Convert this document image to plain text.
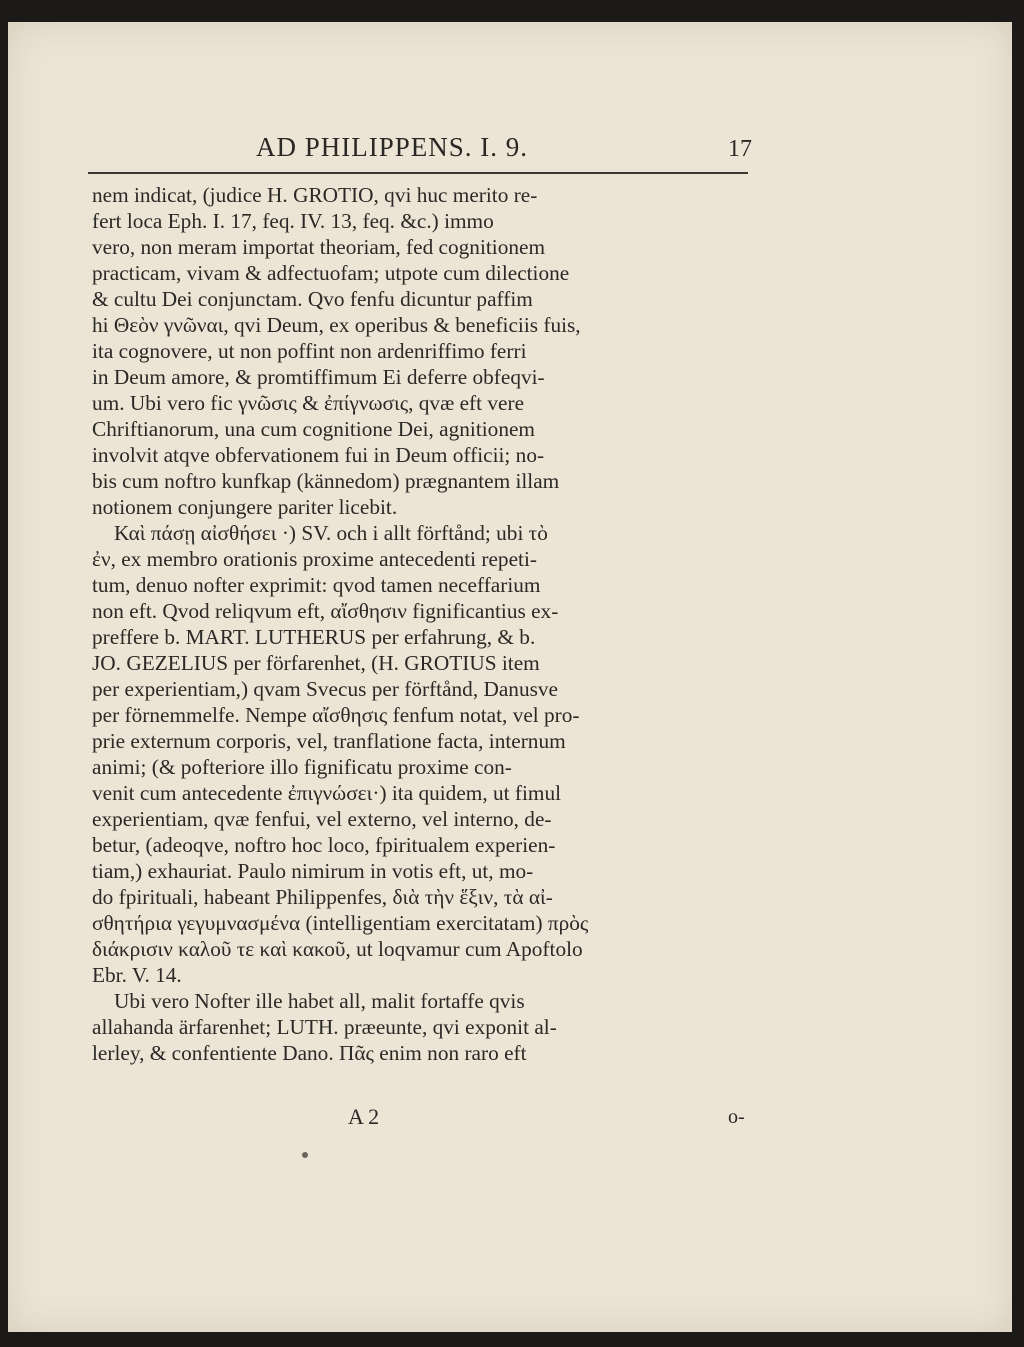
AD PHILIPPENS. I. 9.	17
nem indicat, (judice H. GROTIO, qvi huc merito re-
fert loca Eph. I. 17, feq. IV. 13, feq. &c.) immo
vero, non meram importat theoriam, fed cognitionem
practicam, vivam & adfectuofam; utpote cum dilectione
& cultu Dei conjunctam. Qvo fenfu dicuntur paffim
hi Θεὸν γνῶναι, qvi Deum, ex operibus & beneficiis fuis,
ita cognovere, ut non poffint non ardenriffimo ferri
in Deum amore, & promtiffimum Ei deferre obfeqvi-
um. Ubi vero fic γνῶσις & ἐπίγνωσις, qvæ eft vere
Chriftianorum, una cum cognitione Dei, agnitionem
involvit atqve obfervationem fui in Deum officii; no-
bis cum noftro kunfkap (kännedom) prægnantem illam
notionem conjungere pariter licebit.
Καὶ πάσῃ αἰσθήσει ·) SV. och i allt förftånd; ubi τὸ
ἐν, ex membro orationis proxime antecedenti repeti-
tum, denuo nofter exprimit: qvod tamen neceffarium
non eft. Qvod reliqvum eft, αἴσθησιν fignificantius ex-
preffere b. MART. LUTHERUS per erfahrung, & b.
JO. GEZELIUS per förfarenhet, (H. GROTIUS item
per experientiam,) qvam Svecus per förftånd, Danusve
per förnemmelfe. Nempe αἴσθησις fenfum notat, vel pro-
prie externum corporis, vel, tranflatione facta, internum
animi; (& pofteriore illo fignificatu proxime con-
venit cum antecedente ἐπιγνώσει·) ita quidem, ut fimul
experientiam, qvæ fenfui, vel externo, vel interno, de-
betur, (adeoqve, noftro hoc loco, fpiritualem experien-
tiam,) exhauriat. Paulo nimirum in votis eft, ut, mo-
do fpirituali, habeant Philippenfes, διὰ τὴν ἕξιν, τὰ αἰ-
σθητήρια γεγυμνασμένα (intelligentiam exercitatam) πρὸς
διάκρισιν καλοῦ τε καὶ κακοῦ, ut loqvamur cum Apoftolo
Ebr. V. 14.
Ubi vero Nofter ille habet all, malit fortaffe qvis
allahanda ärfarenhet; LUTH. præeunte, qvi exponit al-
lerley, & confentiente Dano. Πᾶς enim non raro eft
A 2	o-
